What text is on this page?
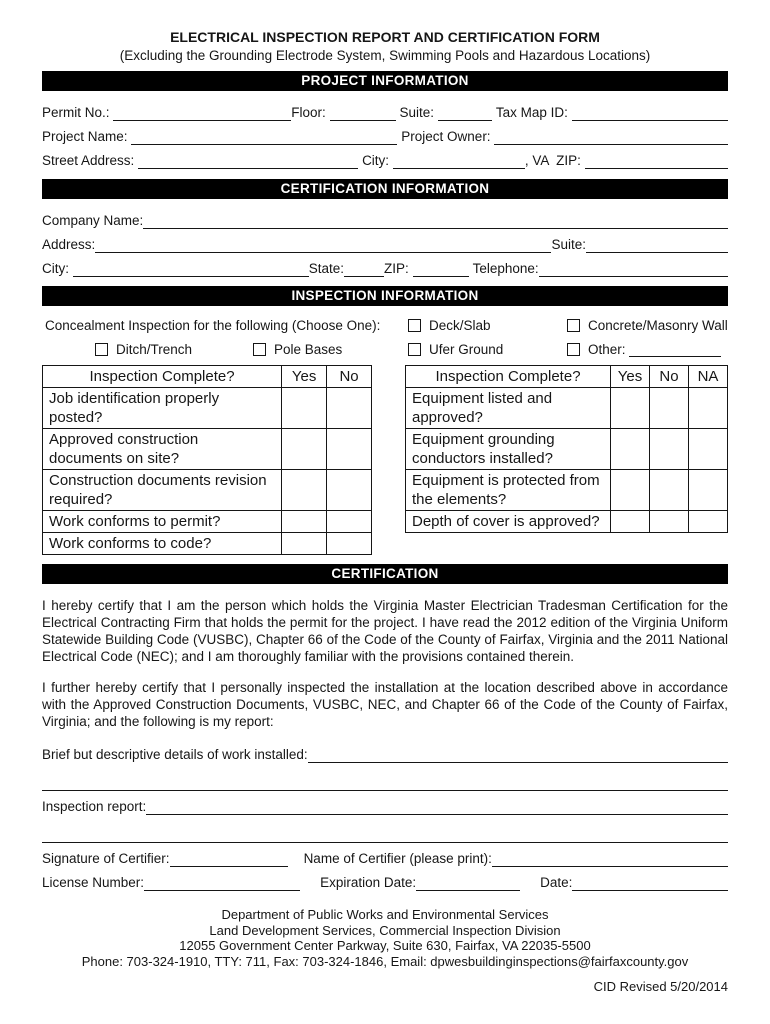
ELECTRICAL INSPECTION REPORT AND CERTIFICATION FORM
(Excluding the Grounding Electrode System, Swimming Pools and Hazardous Locations)
PROJECT INFORMATION
Permit No.:	Floor:	Suite:	Tax Map ID:
Project Name:	Project Owner:
Street Address:	City:	, VA  ZIP:
CERTIFICATION INFORMATION
Company Name:
Address:	Suite:
City:	State:	ZIP:	Telephone:
INSPECTION INFORMATION
Concealment Inspection for the following (Choose One):	Deck/Slab	Concrete/Masonry Wall
Ditch/Trench	Pole Bases	Ufer Ground	Other:
Inspection Complete?	Yes	No
Job identification properly posted?		
Approved construction documents on site?		
Construction documents revision required?		
Work conforms to permit?		
Work conforms to code?		
Inspection Complete?	Yes	No	NA
Equipment listed and approved?			
Equipment grounding conductors installed?			
Equipment is protected from the elements?			
Depth of cover is approved?			
CERTIFICATION
I hereby certify that I am the person which holds the Virginia Master Electrician Tradesman Certification for the Electrical Contracting Firm that holds the permit for the project. I have read the 2012 edition of the Virginia Uniform Statewide Building Code (VUSBC), Chapter 66 of the Code of the County of Fairfax, Virginia and the 2011 National Electrical Code (NEC); and I am thoroughly familiar with the provisions contained therein.
I further hereby certify that I personally inspected the installation at the location described above in accordance with the Approved Construction Documents, VUSBC, NEC, and Chapter 66 of the Code of the County of Fairfax, Virginia; and the following is my report:
Brief but descriptive details of work installed:
Inspection report:
Signature of Certifier:	Name of Certifier (please print):
License Number:	Expiration Date:	Date:
Department of Public Works and Environmental Services
Land Development Services, Commercial Inspection Division
12055 Government Center Parkway, Suite 630, Fairfax, VA 22035-5500
Phone: 703-324-1910, TTY: 711, Fax: 703-324-1846, Email: dpwesbuildinginspections@fairfaxcounty.gov
CID Revised 5/20/2014
